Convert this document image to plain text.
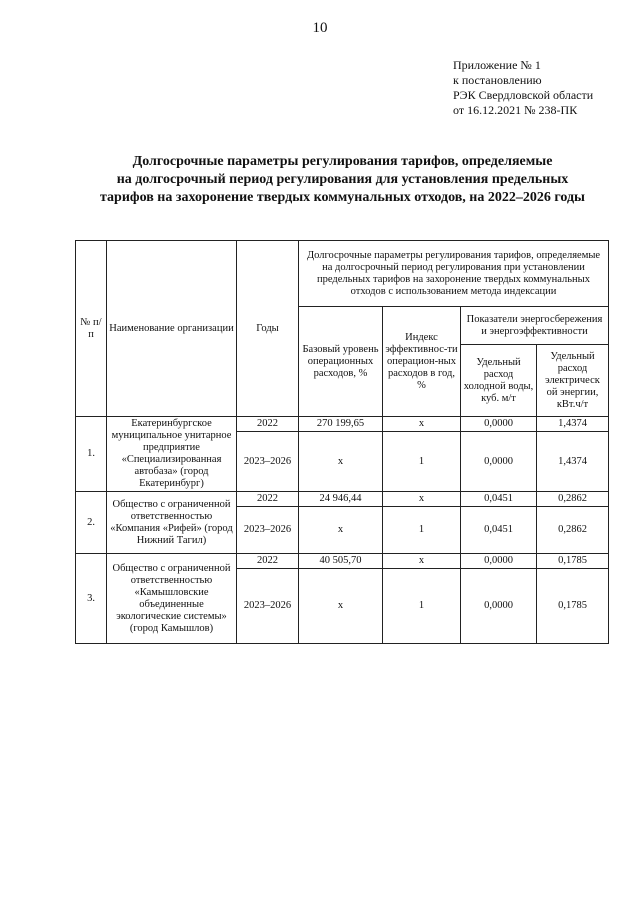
10
Приложение № 1
к постановлению
РЭК Свердловской области
от 16.12.2021 № 238-ПК
Долгосрочные параметры регулирования тарифов, определяемые
на долгосрочный период регулирования для установления предельных
тарифов на захоронение твердых коммунальных отходов, на 2022–2026 годы
№ п/п	Наименование организации	Годы	Долгосрочные параметры регулирования тарифов, определяемые на долгосрочный период регулирования при установлении предельных тарифов на захоронение твердых коммунальных отходов с использованием метода индексации			
			Базовый уровень операционных расходов, %	Индекс эффективнос-ти операцион-ных расходов в год, %	Показатели энергосбережения и энергоэффективности	
					Удельный расход холодной воды, куб. м/т	Удельный расход электрическ ой энергии, кВт.ч/т
1.	Екатеринбургское муниципальное унитарное предприятие «Специализированная автобаза» (город Екатеринбург)	2022	270 199,65	х	0,0000	1,4374
		2023–2026	х	1	0,0000	1,4374
2.	Общество с ограниченной ответственностью «Компания «Рифей» (город Нижний Тагил)	2022	24 946,44	х	0,0451	0,2862
		2023–2026	х	1	0,0451	0,2862
3.	Общество с ограниченной ответственностью «Камышловские объединенные экологические системы» (город Камышлов)	2022	40 505,70	х	0,0000	0,1785
		2023–2026	х	1	0,0000	0,1785
